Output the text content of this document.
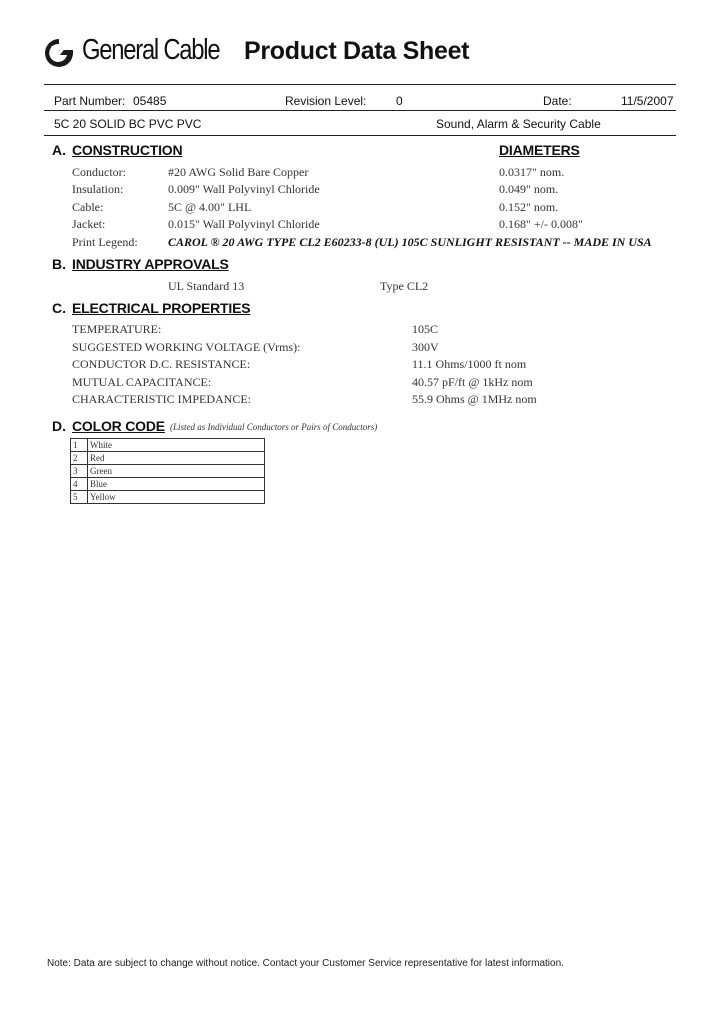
General Cable Product Data Sheet
Part Number: 05485	Revision Level: 0	Date:	11/5/2007
5C 20 SOLID BC PVC PVC	Sound, Alarm & Security Cable
A. CONSTRUCTION	DIAMETERS
Conductor:	#20 AWG Solid Bare Copper	0.0317" nom.
Insulation:	0.009" Wall Polyvinyl Chloride	0.049" nom.
Cable:	5C @ 4.00" LHL	0.152" nom.
Jacket:	0.015" Wall Polyvinyl Chloride	0.168" +/- 0.008"
Print Legend:	CAROL ® 20 AWG TYPE CL2 E60233-8 (UL) 105C SUNLIGHT RESISTANT -- MADE IN USA
B. INDUSTRY APPROVALS
UL Standard 13	Type CL2
C. ELECTRICAL PROPERTIES
TEMPERATURE:	105C
SUGGESTED WORKING VOLTAGE (Vrms):	300V
CONDUCTOR D.C. RESISTANCE:	11.1 Ohms/1000 ft nom
MUTUAL CAPACITANCE:	40.57 pF/ft @ 1kHz nom
CHARACTERISTIC IMPEDANCE:	55.9 Ohms @ 1MHz nom
D. COLOR CODE (Listed as Individual Conductors or Pairs of Conductors)
1	White
2	Red
3	Green
4	Blue
5	Yellow
Note: Data are subject to change without notice. Contact your Customer Service representative for latest information.
